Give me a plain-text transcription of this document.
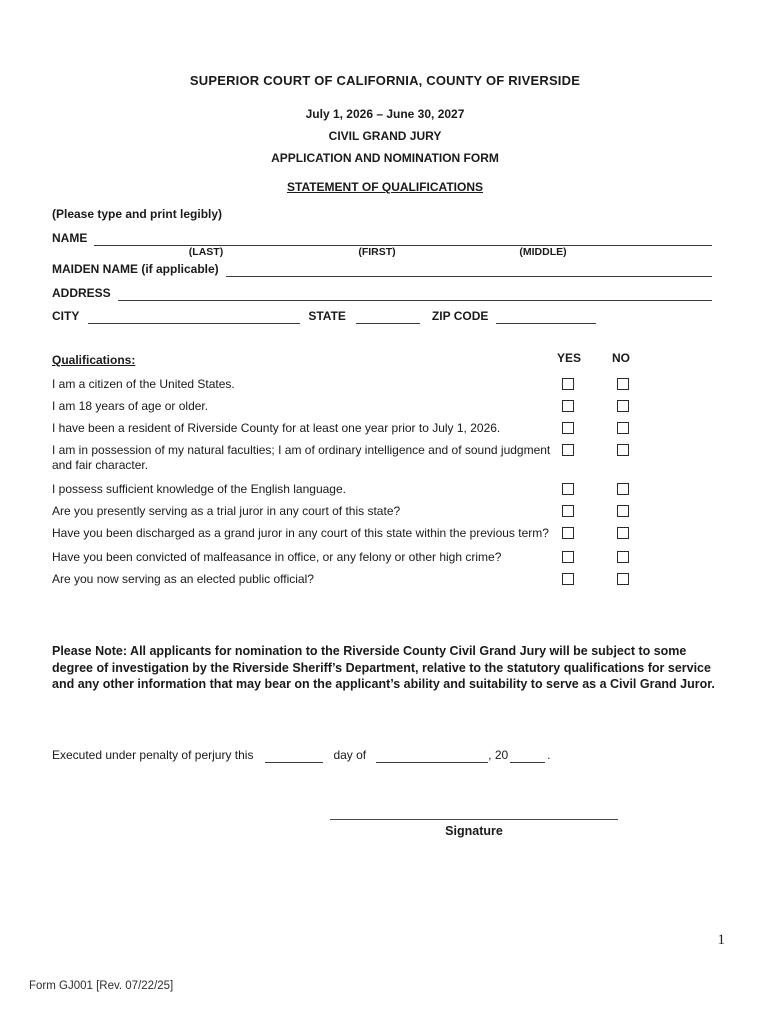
SUPERIOR COURT OF CALIFORNIA, COUNTY OF RIVERSIDE
July 1, 2026 – June 30, 2027
CIVIL GRAND JURY
APPLICATION AND NOMINATION FORM
STATEMENT OF QUALIFICATIONS
(Please type and print legibly)
NAME
(LAST)	(FIRST)	(MIDDLE)
MAIDEN NAME (if applicable)
ADDRESS
CITY	STATE	ZIP CODE
Qualifications:	YES	NO
I am a citizen of the United States.
I am 18 years of age or older.
I have been a resident of Riverside County for at least one year prior to July 1, 2026.
I am in possession of my natural faculties; I am of ordinary intelligence and of sound judgment and fair character.
I possess sufficient knowledge of the English language.
Are you presently serving as a trial juror in any court of this state?
Have you been discharged as a grand juror in any court of this state within the previous term?
Have you been convicted of malfeasance in office, or any felony or other high crime?
Are you now serving as an elected public official?
Please Note: All applicants for nomination to the Riverside County Civil Grand Jury will be subject to some degree of investigation by the Riverside Sheriff’s Department, relative to the statutory qualifications for service and any other information that may bear on the applicant’s ability and suitability to serve as a Civil Grand Juror.
Executed under penalty of perjury this	day of	, 20	.
Signature
1
Form GJ001 [Rev. 07/22/25]
